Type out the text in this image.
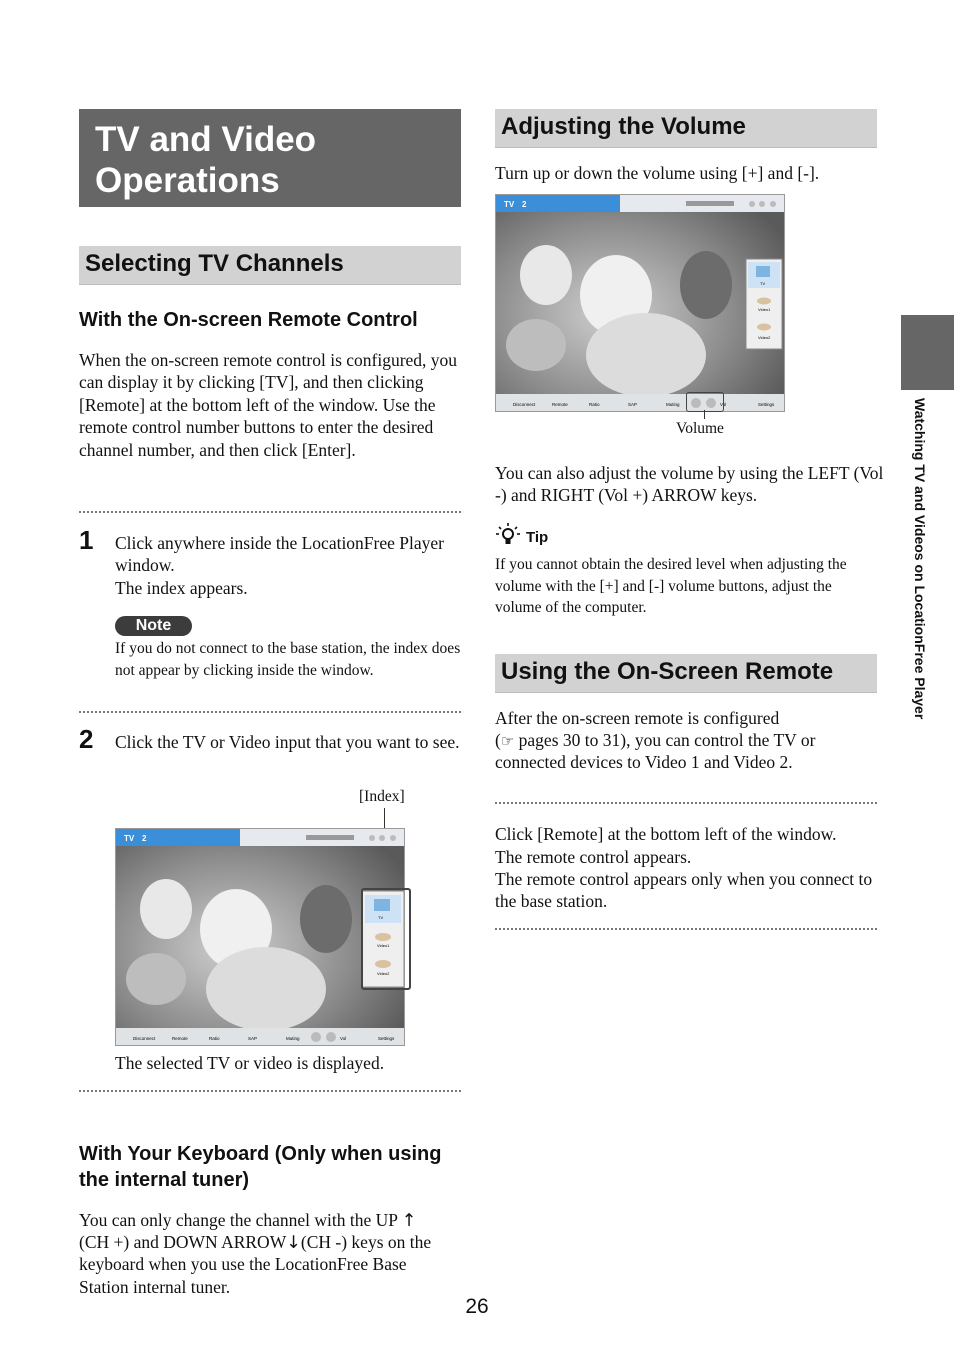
TV and Video Operations
Watching TV and Videos on LocationFree Player
Selecting TV Channels
With the On-screen Remote Control
When the on-screen remote control is configured, you can display it by clicking [TV], and then clicking [Remote] at the bottom left of the window. Use the remote control number buttons to enter the desired channel number, and then click [Enter].
1 Click anywhere inside the LocationFree Player window.
The index appears.
Note
If you do not connect to the base station, the index does not appear by clicking inside the window.
2 Click the TV or Video input that you want to see.
[Index]
TV 2
TV
Video1
Video2
Disconnect	Remote	Ratio	SAP	Muting	Vol	Settings
The selected TV or video is displayed.
With Your Keyboard (Only when using the internal tuner)
You can only change the channel with the UP ↑
(CH +) and DOWN ARROW↓(CH -) keys on the
keyboard when you use the LocationFree Base
Station internal tuner.
Adjusting the Volume
Turn up or down the volume using [+] and [-].
TV 2
TV
Video1
Video2
Disconnect	Remote	Ratio	SAP	Muting	Vol	Settings
Volume
You can also adjust the volume by using the LEFT (Vol -) and RIGHT (Vol +) ARROW keys.
Tip
If you cannot obtain the desired level when adjusting the volume with the [+] and [-] volume buttons, adjust the volume of the computer.
Using the On-Screen Remote
After the on-screen remote is configured
(☞ pages 30 to 31), you can control the TV or
connected devices to Video 1 and Video 2.
Click [Remote] at the bottom left of the window.
The remote control appears.
The remote control appears only when you connect to the base station.
26
